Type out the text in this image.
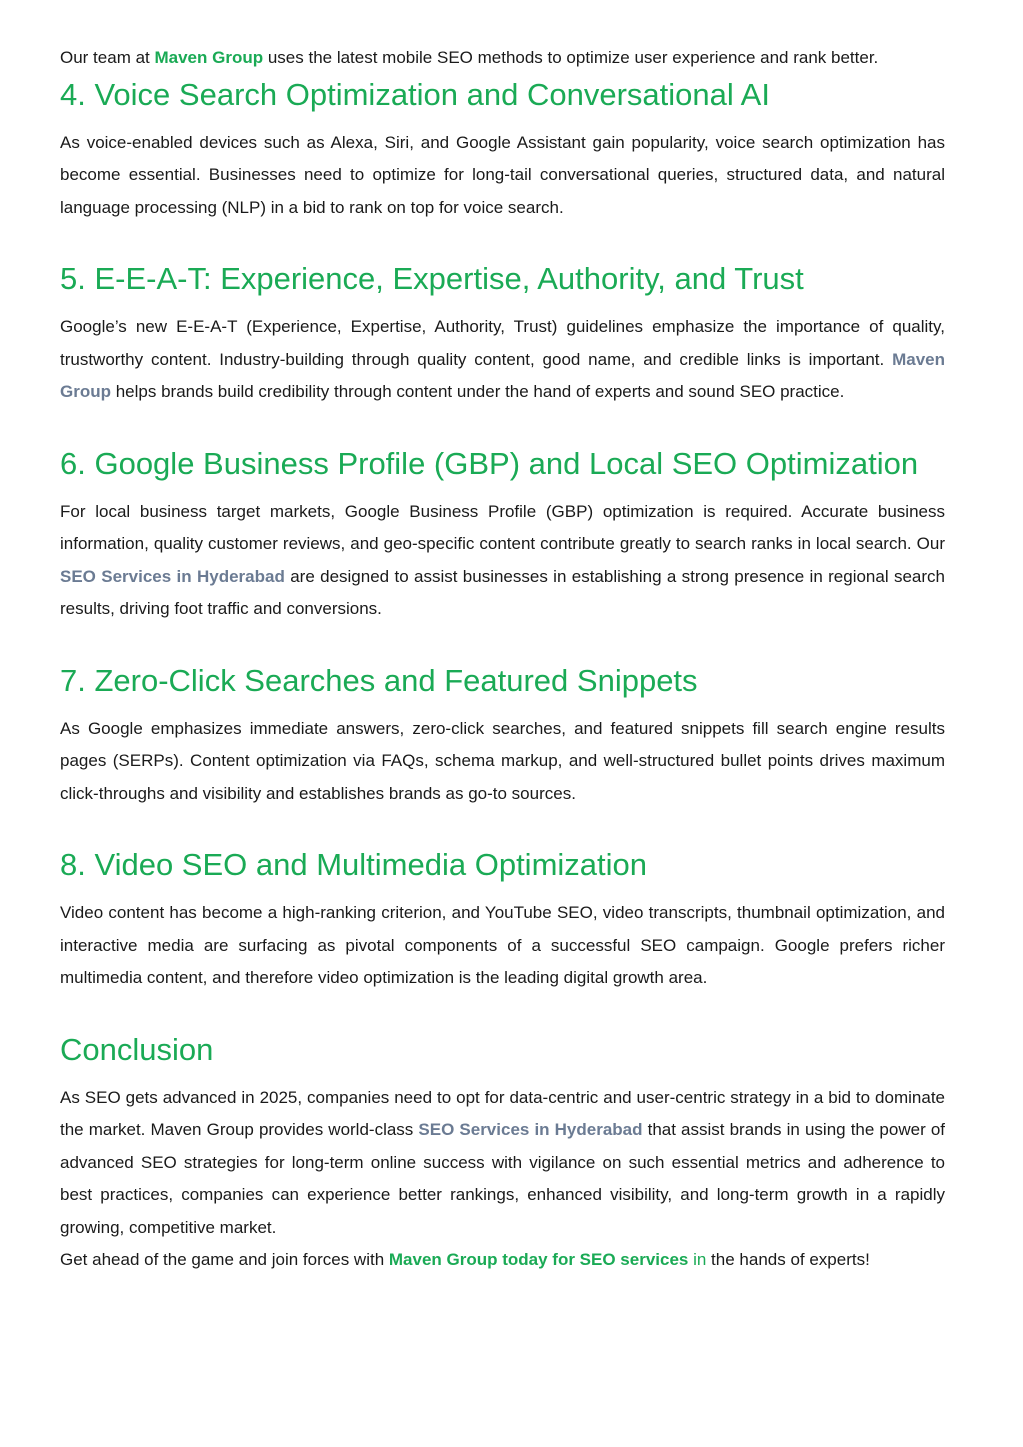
Our team at Maven Group uses the latest mobile SEO methods to optimize user experience and rank better.

4. Voice Search Optimization and Conversational AI

As voice-enabled devices such as Alexa, Siri, and Google Assistant gain popularity, voice search optimization has become essential. Businesses need to optimize for long-tail conversational queries, structured data, and natural language processing (NLP) in a bid to rank on top for voice search.

5. E-E-A-T: Experience, Expertise, Authority, and Trust

Google’s new E-E-A-T (Experience, Expertise, Authority, Trust) guidelines emphasize the importance of quality, trustworthy content. Industry-building through quality content, good name, and credible links is important. Maven Group helps brands build credibility through content under the hand of experts and sound SEO practice.

6. Google Business Profile (GBP) and Local SEO Optimization

For local business target markets, Google Business Profile (GBP) optimization is required. Accurate business information, quality customer reviews, and geo-specific content contribute greatly to search ranks in local search. Our SEO Services in Hyderabad are designed to assist businesses in establishing a strong presence in regional search results, driving foot traffic and conversions.

7. Zero-Click Searches and Featured Snippets

As Google emphasizes immediate answers, zero-click searches, and featured snippets fill search engine results pages (SERPs). Content optimization via FAQs, schema markup, and well-structured bullet points drives maximum click-throughs and visibility and establishes brands as go-to sources.

8. Video SEO and Multimedia Optimization

Video content has become a high-ranking criterion, and YouTube SEO, video transcripts, thumbnail optimization, and interactive media are surfacing as pivotal components of a successful SEO campaign. Google prefers richer multimedia content, and therefore video optimization is the leading digital growth area.

Conclusion

As SEO gets advanced in 2025, companies need to opt for data-centric and user-centric strategy in a bid to dominate the market. Maven Group provides world-class SEO Services in Hyderabad that assist brands in using the power of advanced SEO strategies for long-term online success with vigilance on such essential metrics and adherence to best practices, companies can experience better rankings, enhanced visibility, and long-term growth in a rapidly growing, competitive market.

Get ahead of the game and join forces with Maven Group today for SEO services in the hands of experts!
